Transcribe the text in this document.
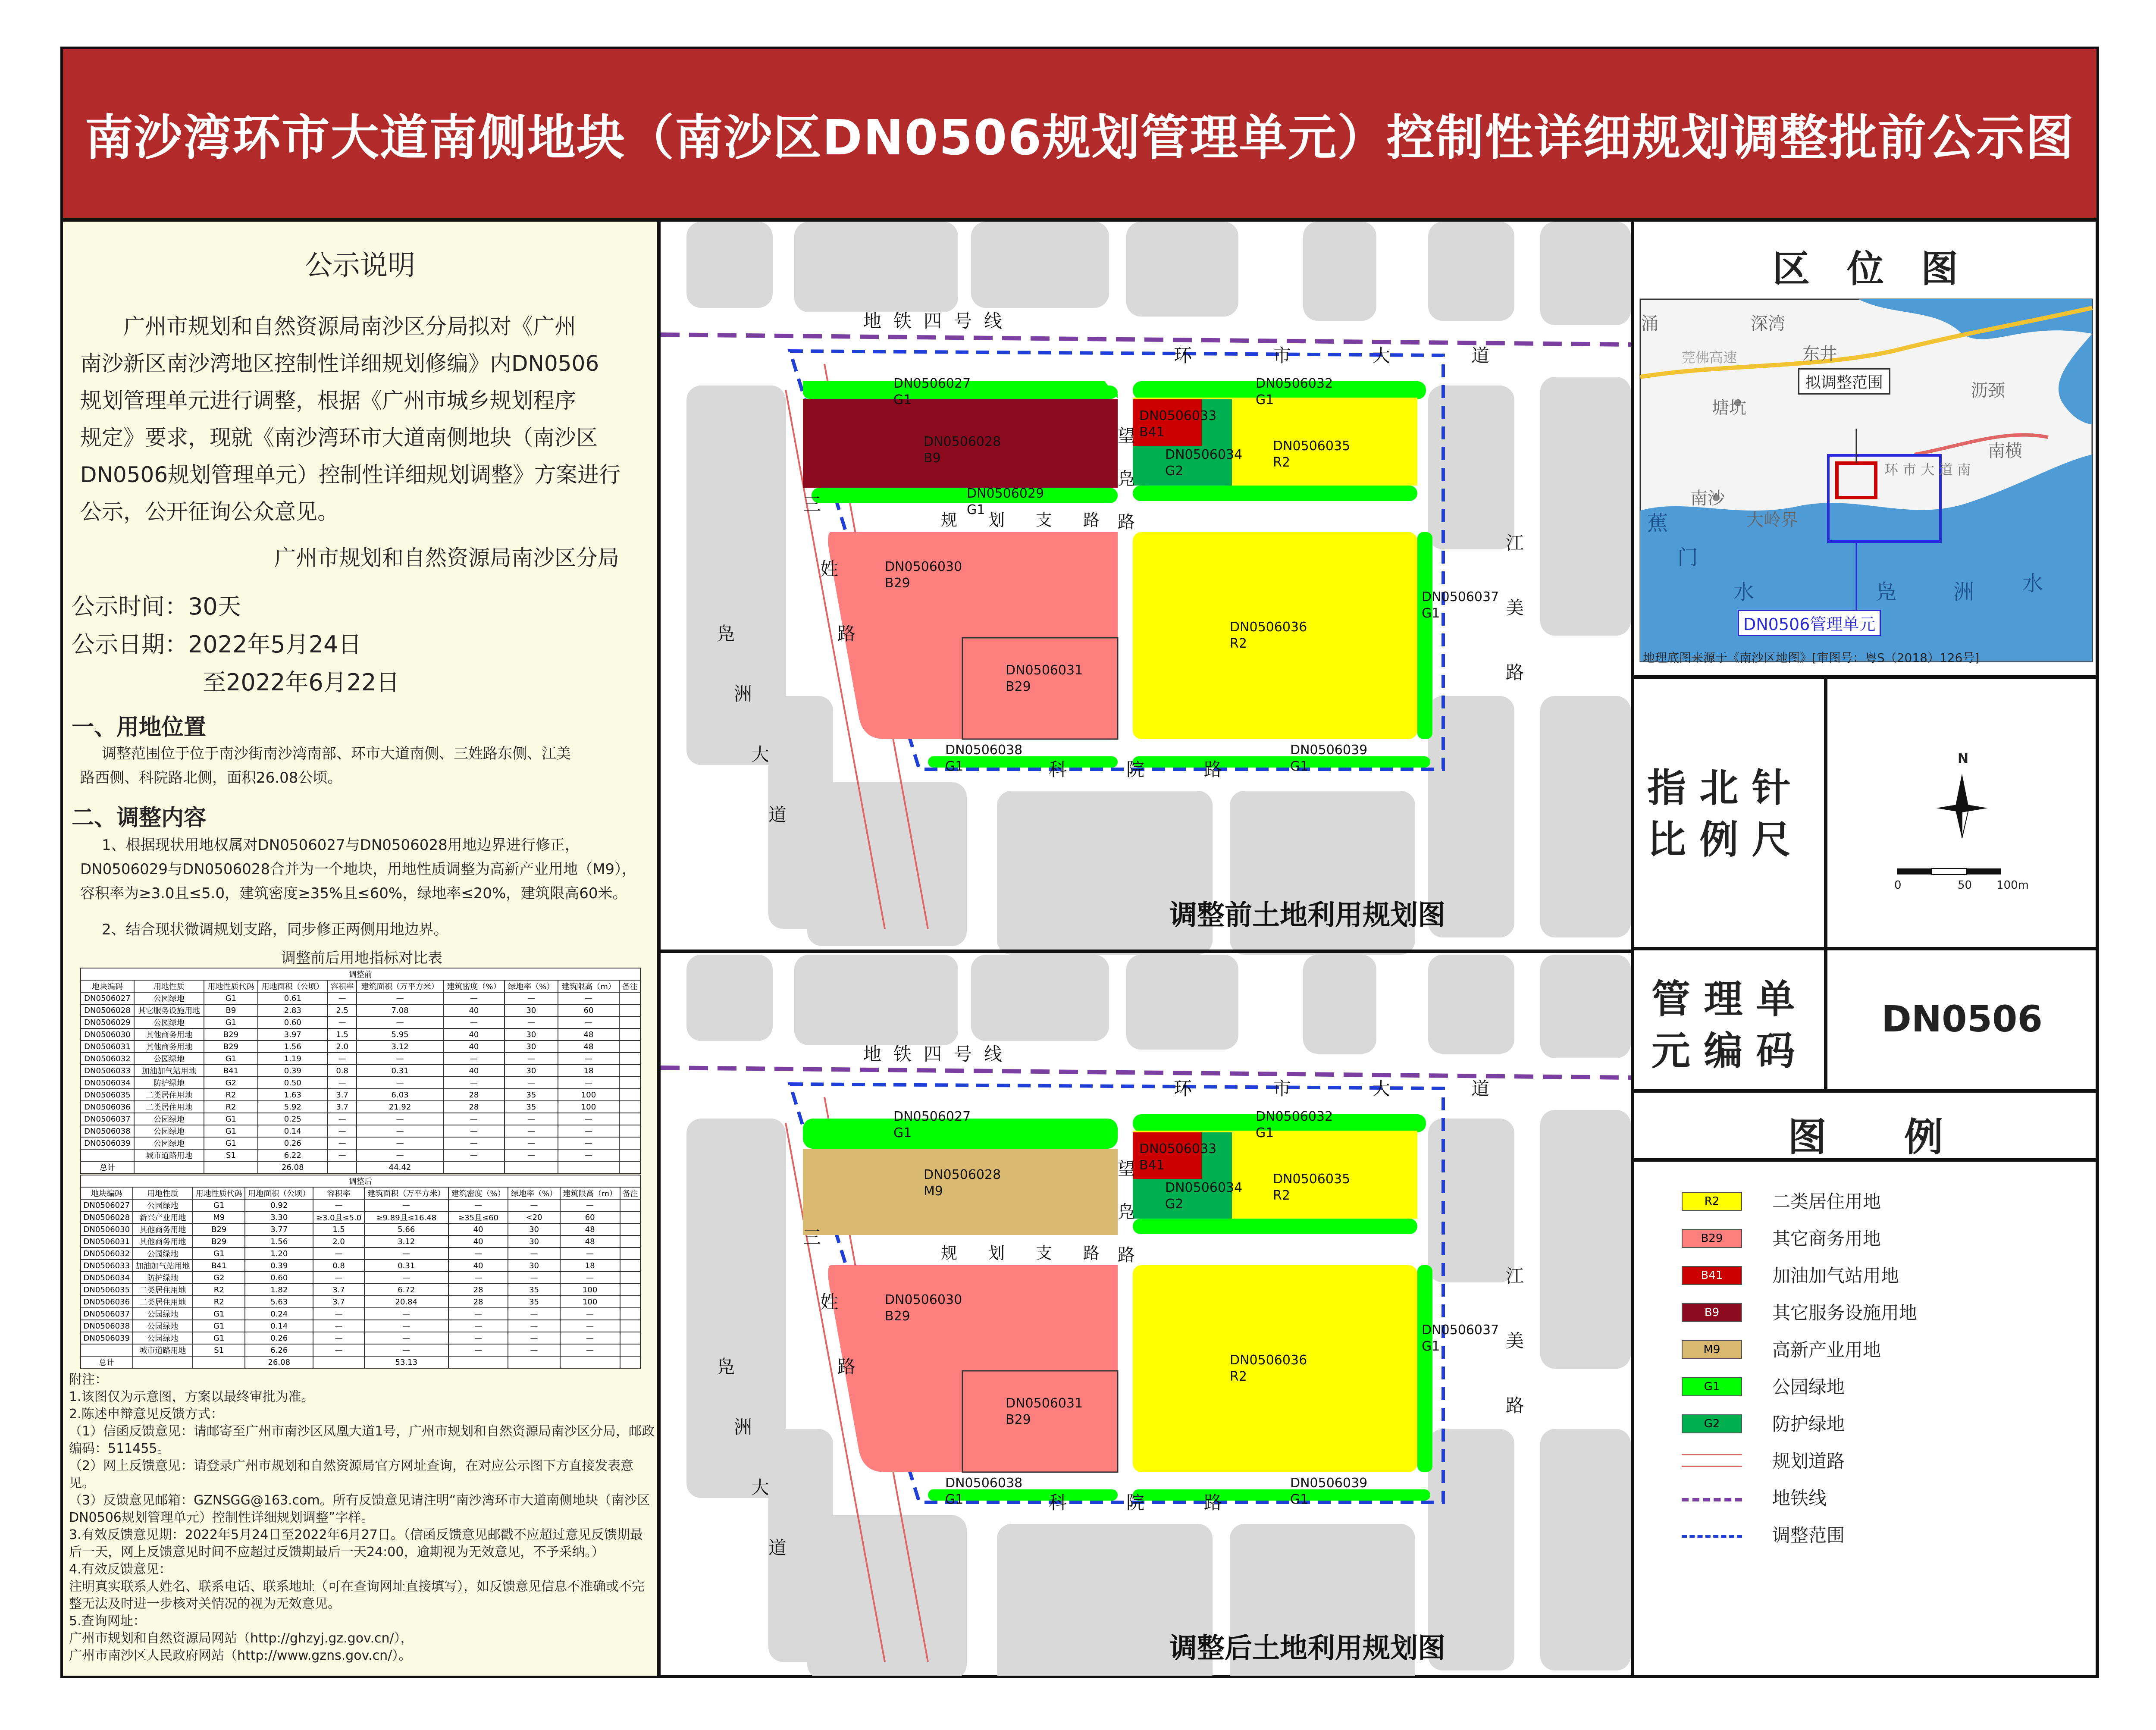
南沙湾环市大道南侧地块（南沙区DN0506规划管理单元）控制性详细规划调整批前公示图
公示说明
广州市规划和自然资源局南沙区分局拟对《广州
南沙新区南沙湾地区控制性详细规划修编》内DN0506
规划管理单元进行调整，根据《广州市城乡规划程序
规定》要求，现就《南沙湾环市大道南侧地块（南沙区
DN0506规划管理单元）控制性详细规划调整》方案进行
公示，公开征询公众意见。
广州市规划和自然资源局南沙区分局
公示时间：30天
公示日期：2022年5月24日
至2022年6月22日
一、用地位置
调整范围位于位于南沙街南沙湾南部、环市大道南侧、三姓路东侧、江美
路西侧、科院路北侧，面积26.08公顷。
二、调整内容
1、根据现状用地权属对DN0506027与DN0506028用地边界进行修正，
DN0506029与DN0506028合并为一个地块，用地性质调整为高新产业用地（M9），
容积率为≥3.0且≤5.0，建筑密度≥35%且≤60%，绿地率≤20%，建筑限高60米。
2、结合现状微调规划支路，同步修正两侧用地边界。
调整前后用地指标对比表
调整前									
地块编码	用地性质	用地性质代码	用地面积（公顷）	容积率	建筑面积（万平方米）	建筑密度（%）	绿地率（%）	建筑限高（m）	备注
DN0506027	公园绿地	G1	0.61	—	—	—	—	—	
DN0506028	其它服务设施用地	B9	2.83	2.5	7.08	40	30	60	
DN0506029	公园绿地	G1	0.60	—	—	—	—	—	
DN0506030	其他商务用地	B29	3.97	1.5	5.95	40	30	48	
DN0506031	其他商务用地	B29	1.56	2.0	3.12	40	30	48	
DN0506032	公园绿地	G1	1.19	—	—	—	—	—	
DN0506033	加油加气站用地	B41	0.39	0.8	0.31	40	30	18	
DN0506034	防护绿地	G2	0.50	—	—	—	—	—	
DN0506035	二类居住用地	R2	1.63	3.7	6.03	28	35	100	
DN0506036	二类居住用地	R2	5.92	3.7	21.92	28	35	100	
DN0506037	公园绿地	G1	0.25	—	—	—	—	—	
DN0506038	公园绿地	G1	0.14	—	—	—	—	—	
DN0506039	公园绿地	G1	0.26	—	—	—	—	—	
	城市道路用地	S1	6.22	—	—	—	—	—	
总计			26.08		44.42				
调整后									
地块编码	用地性质	用地性质代码	用地面积（公顷）	容积率	建筑面积（万平方米）	建筑密度（%）	绿地率（%）	建筑限高（m）	备注
DN0506027	公园绿地	G1	0.92	—	—	—	—	—	
DN0506028	新兴产业用地	M9	3.30	≥3.0且≤5.0	≥9.89且≤16.48	≥35且≤60	<20	60	
DN0506030	其他商务用地	B29	3.77	1.5	5.66	40	30	48	
DN0506031	其他商务用地	B29	1.56	2.0	3.12	40	30	48	
DN0506032	公园绿地	G1	1.20	—	—	—	—	—	
DN0506033	加油加气站用地	B41	0.39	0.8	0.31	40	30	18	
DN0506034	防护绿地	G2	0.60	—	—	—	—	—	
DN0506035	二类居住用地	R2	1.82	3.7	6.72	28	35	100	
DN0506036	二类居住用地	R2	5.63	3.7	20.84	28	35	100	
DN0506037	公园绿地	G1	0.24	—	—	—	—	—	
DN0506038	公园绿地	G1	0.14	—	—	—	—	—	
DN0506039	公园绿地	G1	0.26	—	—	—	—	—	
	城市道路用地	S1	6.26	—	—	—	—	—	
总计			26.08		53.13				
附注：
1.该图仅为示意图，方案以最终审批为准。
2.陈述申辩意见反馈方式：
（1）信函反馈意见：请邮寄至广州市南沙区凤凰大道1号，广州市规划和自然资源局南沙区分局，邮政编码：511455。
（2）网上反馈意见：请登录广州市规划和自然资源局官方网址查询，在对应公示图下方直接发表意见。
（3）反馈意见邮箱：GZNSGG@163.com。所有反馈意见请注明“南沙湾环市大道南侧地块（南沙区DN0506规划管理单元）控制性详细规划调整”字样。
3.有效反馈意见期：2022年5月24日至2022年6月27日。（信函反馈意见邮戳不应超过意见反馈期最后一天，网上反馈意见时间不应超过反馈期最后一天24:00，逾期视为无效意见，不予采纳。）
4.有效反馈意见：
注明真实联系人姓名、联系电话、联系地址（可在查询网址直接填写），如反馈意见信息不准确或不完整无法及时进一步核对关情况的视为无效意见。
5.查询网址：
广州市规划和自然资源局网站（http://ghzyj.gz.gov.cn/），
广州市南沙区人民政府网站（http://www.gzns.gov.cn/）。
DN0506027
G1
DN0506028
B9
DN0506029
G1
DN0506030
B29
DN0506031
B29
DN0506032
G1
DN0506033
B41
DN0506034
G2
DN0506035
R2
DN0506036
R2
DN0506037
G1
DN0506038
G1
DN0506039
G1
地 铁 四 号 线
环	市	大	道
规 划 支 路
凫
洲
大
道
三
姓
路
望
凫
路
江
美
路
科	院	路
调整前土地利用规划图
DN0506027
G1
DN0506028
M9
DN0506030
B29
DN0506031
B29
DN0506032
G1
DN0506033
B41
DN0506034
G2
DN0506035
R2
DN0506036
R2
DN0506037
G1
DN0506038
G1
DN0506039
G1
地 铁 四 号 线
环	市	大	道
规 划 支 路
凫
洲
大
道
三
姓
路
望
凫
路
江
美
路
科	院	路
调整后土地利用规划图
区　位　图
涌	深湾
东井
莞佛高速
拟调整范围
塘坑
沥颈
南横
南沙
大岭界
环 市 大 道 南
蕉
门
水	凫	洲 水
DN0506管理单元
地理底图来源于《南沙区地图》[审图号：粤S（2018）126号]
指 北 针
比 例 尺
N
0	50 100m
管 理 单
元 编 码
DN0506
图　　例
R2	二类居住用地
B29	其它商务用地
B41	加油加气站用地
B9	其它服务设施用地
M9	高新产业用地
G1	公园绿地
G2	防护绿地
规划道路
地铁线
调整范围
